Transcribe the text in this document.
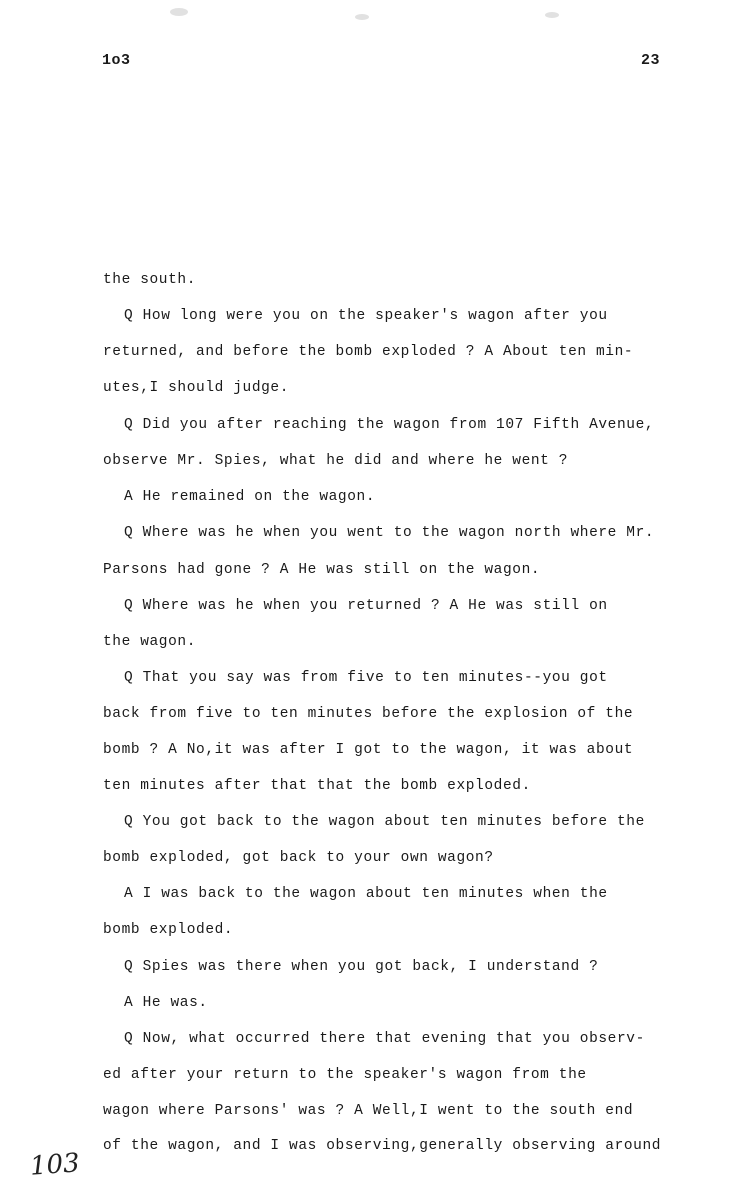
1o3	23
the south.
Q How long were you on the speaker's wagon after you
returned, and before the bomb exploded ? A About ten min-
utes,I should judge.
Q Did you after reaching the wagon from 107 Fifth Avenue,
observe Mr. Spies, what he did and where he went ?
A He remained on the wagon.
Q Where was he when you went to the wagon north where Mr.
Parsons had gone ? A He was still on the wagon.
Q Where was he when you returned ? A He was still on
the wagon.
Q That you say was from five to ten minutes--you got
back from five to ten minutes before the explosion of the
bomb ? A No,it was after I got to the wagon, it was about
ten minutes after that that the bomb exploded.
Q You got back to the wagon about ten minutes before the
bomb exploded, got back to your own wagon?
A I was back to the wagon about ten minutes when the
bomb exploded.
Q Spies was there when you got back, I understand ?
A He was.
Q Now, what occurred there that evening that you observ-
ed after your return to the speaker's wagon from the
wagon where Parsons' was ? A Well,I went to the south end
of the wagon, and I was observing,generally observing around
103
